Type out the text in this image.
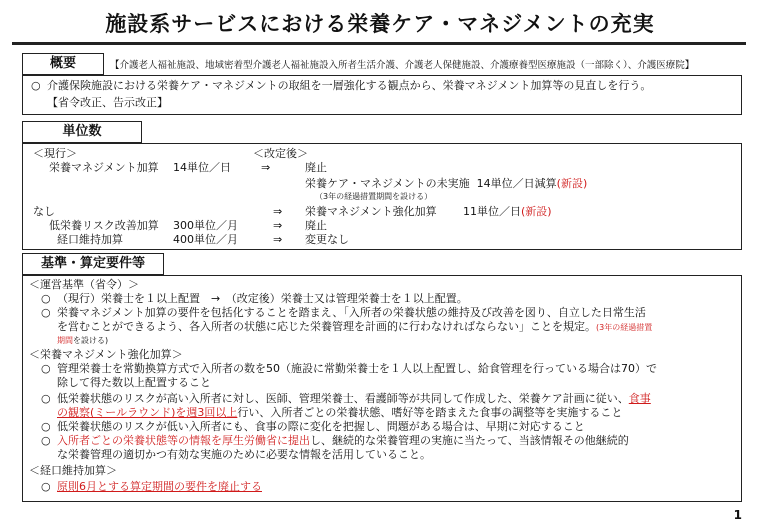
施設系サービスにおける栄養ケア・マネジメントの充実
概要	【介護老人福祉施設、地域密着型介護老人福祉施設入所者生活介護、介護老人保健施設、介護療養型医療施設（一部除く）、介護医療院】
○ 介護保険施設における栄養ケア・マネジメントの取組を一層強化する観点から、栄養マネジメント加算等の見直しを行う。
【省令改正、告示改正】
単位数
＜現行＞	＜改定後＞
栄養マネジメント加算 14単位／日	⇒	廃止
栄養ケア・マネジメントの未実施 14単位／日減算(新設)
（3年の経過措置期間を設ける）
なし	⇒ 栄養マネジメント強化加算 11単位／日(新設)
低栄養リスク改善加算 300単位／月	⇒ 廃止
経口維持加算	400単位／月	⇒ 変更なし
基準・算定要件等
＜運営基準（省令）＞
○ （現行）栄養士を１以上配置　→　（改定後）栄養士又は管理栄養士を１以上配置。
○ 栄養マネジメント加算の要件を包括化することを踏まえ、「入所者の栄養状態の維持及び改善を図り、自立した日常生活
を営むことができるよう、各入所者の状態に応じた栄養管理を計画的に行わなければならない」ことを規定。(3年の経過措置
期間を設ける)
＜栄養マネジメント強化加算＞
○ 管理栄養士を常勤換算方式で入所者の数を50（施設に常勤栄養士を１人以上配置し、給食管理を行っている場合は70）で
除して得た数以上配置すること
○ 低栄養状態のリスクが高い入所者に対し、医師、管理栄養士、看護師等が共同して作成した、栄養ケア計画に従い、食事
の観察(ミールラウンド)を週3回以上行い、入所者ごとの栄養状態、嗜好等を踏まえた食事の調整等を実施すること
○ 低栄養状態のリスクが低い入所者にも、食事の際に変化を把握し、問題がある場合は、早期に対応すること
○ 入所者ごとの栄養状態等の情報を厚生労働省に提出し、継続的な栄養管理の実施に当たって、当該情報その他継続的
な栄養管理の適切かつ有効な実施のために必要な情報を活用していること。
＜経口維持加算＞
○ 原則6月とする算定期間の要件を廃止する
1
